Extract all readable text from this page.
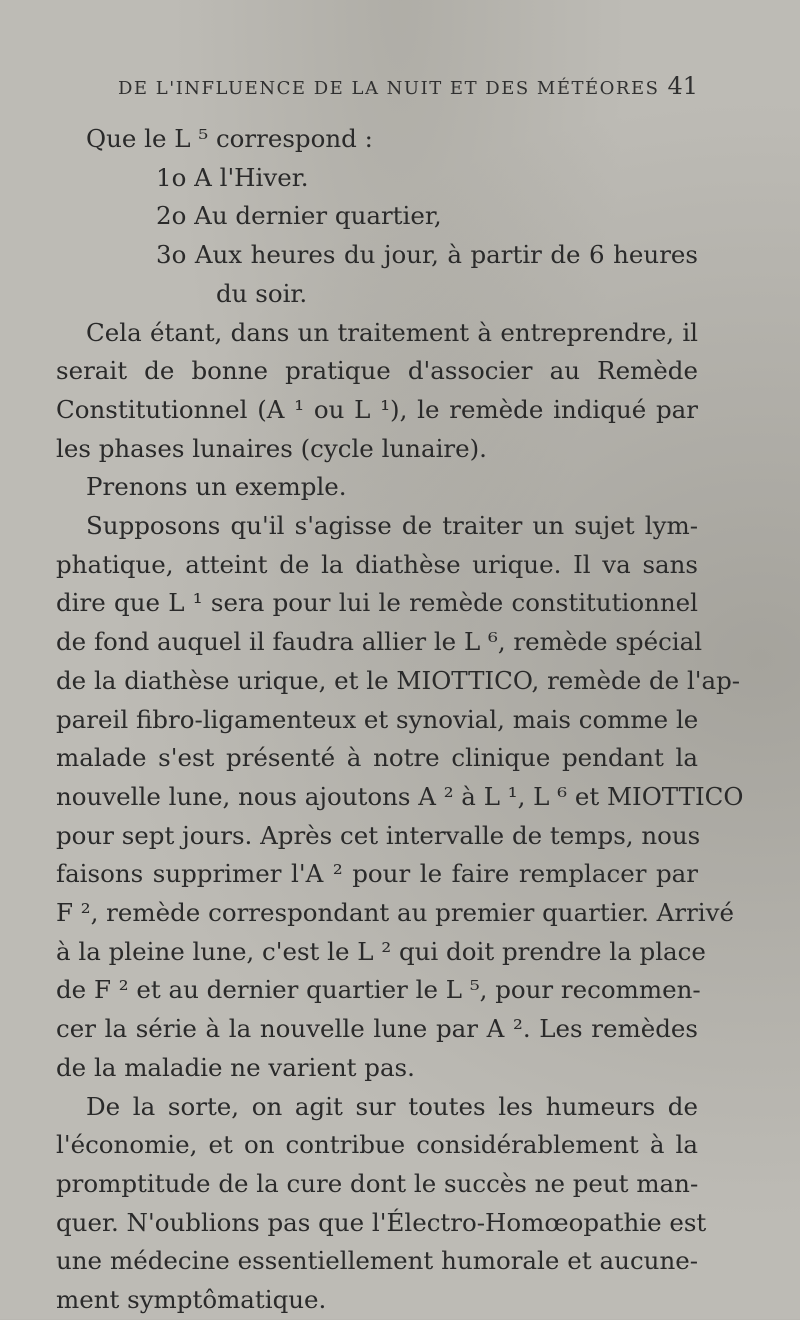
DE L'INFLUENCE DE LA NUIT ET DES MÉTÉORES 41
Que le L ⁵ correspond :
1o A l'Hiver.
2o Au dernier quartier,
3o Aux heures du jour, à partir de 6 heures
du soir.
Cela étant, dans un traitement à entreprendre, il
serait de bonne pratique d'associer au Remède
Constitutionnel (A ¹ ou L ¹), le remède indiqué par
les phases lunaires (cycle lunaire).
Prenons un exemple.
Supposons qu'il s'agisse de traiter un sujet lym-
phatique, atteint de la diathèse urique. Il va sans
dire que L ¹ sera pour lui le remède constitutionnel
de fond auquel il faudra allier le L ⁶, remède spécial
de la diathèse urique, et le MIOTTICO, remède de l'ap-
pareil fibro-ligamenteux et synovial, mais comme le
malade s'est présenté à notre clinique pendant la
nouvelle lune, nous ajoutons A ² à L ¹, L ⁶ et MIOTTICO
pour sept jours. Après cet intervalle de temps, nous
faisons supprimer l'A ² pour le faire remplacer par
F ², remède correspondant au premier quartier. Arrivé
à la pleine lune, c'est le L ² qui doit prendre la place
de F ² et au dernier quartier le L ⁵, pour recommen-
cer la série à la nouvelle lune par A ². Les remèdes
de la maladie ne varient pas.
De la sorte, on agit sur toutes les humeurs de
l'économie, et on contribue considérablement à la
promptitude de la cure dont le succès ne peut man-
quer. N'oublions pas que l'Électro-Homœopathie est
une médecine essentiellement humorale et aucune-
ment symptômatique.
